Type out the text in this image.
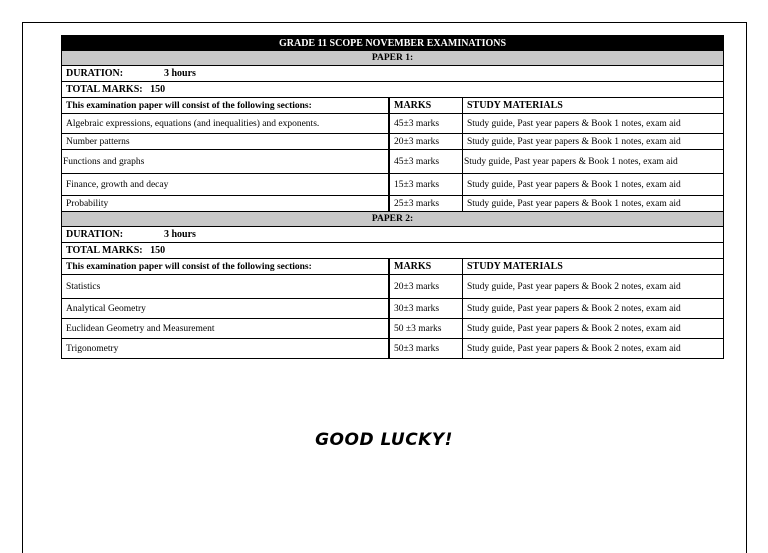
GRADE 11 SCOPE NOVEMBER EXAMINATIONS		
PAPER 1:		
DURATION: 3 hours		
TOTAL MARKS: 150		
This examination paper will consist of the following sections:	MARKS	STUDY MATERIALS
Algebraic expressions, equations (and inequalities) and exponents.	45±3 marks	Study guide, Past year papers & Book 1 notes, exam aid
Number patterns	20±3 marks	Study guide, Past year papers & Book 1 notes, exam aid
Functions and graphs	45±3 marks	Study guide, Past year papers & Book 1 notes, exam aid
Finance, growth and decay	15±3 marks	Study guide, Past year papers & Book 1 notes, exam aid
Probability	25±3 marks	Study guide, Past year papers & Book 1 notes, exam aid
PAPER 2:		
DURATION: 3 hours		
TOTAL MARKS: 150		
This examination paper will consist of the following sections:	MARKS	STUDY MATERIALS
Statistics	20±3 marks	Study guide, Past year papers & Book 2 notes, exam aid
Analytical Geometry	30±3 marks	Study guide, Past year papers & Book 2 notes, exam aid
Euclidean Geometry and Measurement	50 ±3 marks	Study guide, Past year papers & Book 2 notes, exam aid
Trigonometry	50±3 marks	Study guide, Past year papers & Book 2 notes, exam aid
GOOD LUCKY!
